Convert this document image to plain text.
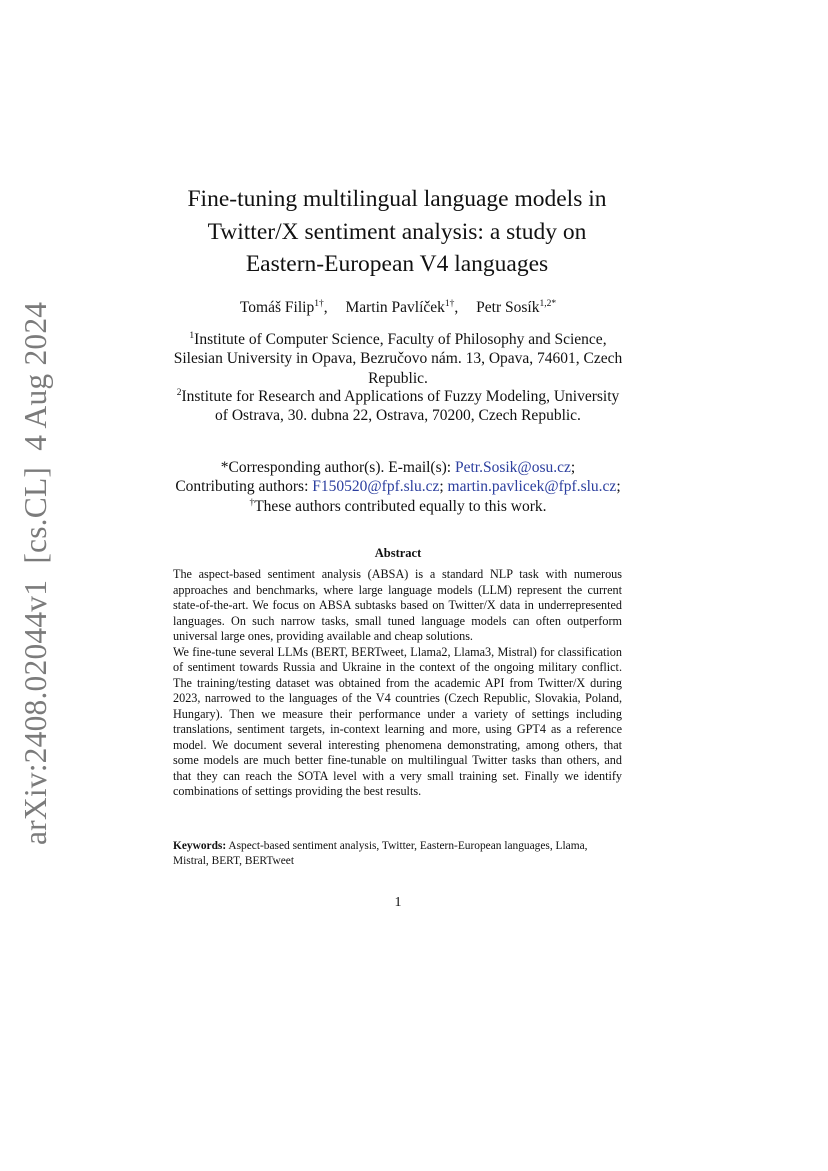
arXiv:2408.02044v1  [cs.CL]  4 Aug 2024
Fine-tuning multilingual language models in
Twitter/X sentiment analysis: a study on
Eastern-European V4 languages
Tomáš Filip$^{1\dagger}$, Martin Pavlíček$^{1\dagger}$, Petr Sosík$^{1,2*}$
$^1$Institute of Computer Science, Faculty of Philosophy and Science,
Silesian University in Opava, Bezručovo nám. 13, Opava, 74601, Czech
Republic.
$^2$Institute for Research and Applications of Fuzzy Modeling, University
of Ostrava, 30. dubna 22, Ostrava, 70200, Czech Republic.
*Corresponding author(s). E-mail(s): Petr.Sosik@osu.cz;
Contributing authors: F150520@fpf.slu.cz; martin.pavlicek@fpf.slu.cz;
†These authors contributed equally to this work.
Abstract

The aspect-based sentiment analysis (ABSA) is a standard NLP task with numerous approaches and benchmarks, where large language models (LLM) represent the current state-of-the-art. We focus on ABSA subtasks based on Twitter/X data in underrepresented languages. On such narrow tasks, small tuned language models can often outperform universal large ones, providing available and cheap solutions.

We fine-tune several LLMs (BERT, BERTweet, Llama2, Llama3, Mistral) for classification of sentiment towards Russia and Ukraine in the context of the ongoing military conflict. The training/testing dataset was obtained from the academic API from Twitter/X during 2023, narrowed to the languages of the V4 countries (Czech Republic, Slovakia, Poland, Hungary). Then we measure their performance under a variety of settings including translations, sentiment targets, in-context learning and more, using GPT4 as a reference model. We document several interesting phenomena demonstrating, among others, that some models are much better fine-tunable on multilingual Twitter tasks than others, and that they can reach the SOTA level with a very small training set. Finally we identify combinations of settings providing the best results.

Keywords: Aspect-based sentiment analysis, Twitter, Eastern-European languages, Llama, Mistral, BERT, BERTweet
1
